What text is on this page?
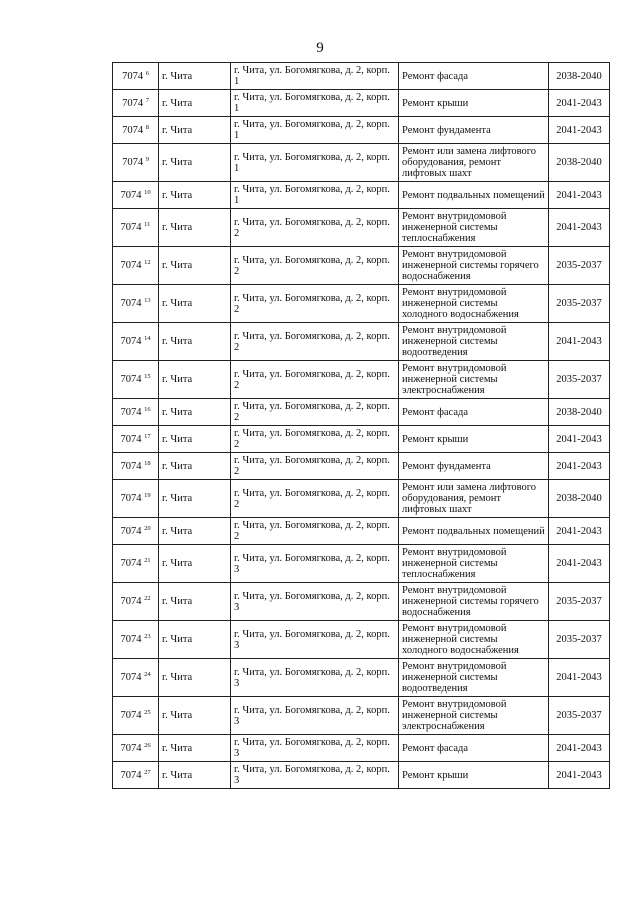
9
7074 $^6$	г. Чита	г. Чита, ул. Богомягкова, д. 2, корп. 1	Ремонт фасада	2038-2040
7074 $^7$	г. Чита	г. Чита, ул. Богомягкова, д. 2, корп. 1	Ремонт крыши	2041-2043
7074 $^8$	г. Чита	г. Чита, ул. Богомягкова, д. 2, корп. 1	Ремонт фундамента	2041-2043
7074 $^9$	г. Чита	г. Чита, ул. Богомягкова, д. 2, корп. 1	Ремонт или замена лифтового оборудования, ремонт лифтовых шахт	2038-2040
7074 $^{10}$	г. Чита	г. Чита, ул. Богомягкова, д. 2, корп. 1	Ремонт подвальных помещений	2041-2043
7074 $^{11}$	г. Чита	г. Чита, ул. Богомягкова, д. 2, корп. 2	Ремонт внутридомовой инженерной системы теплоснабжения	2041-2043
7074 $^{12}$	г. Чита	г. Чита, ул. Богомягкова, д. 2, корп. 2	Ремонт внутридомовой инженерной системы горячего водоснабжения	2035-2037
7074 $^{13}$	г. Чита	г. Чита, ул. Богомягкова, д. 2, корп. 2	Ремонт внутридомовой инженерной системы холодного водоснабжения	2035-2037
7074 $^{14}$	г. Чита	г. Чита, ул. Богомягкова, д. 2, корп. 2	Ремонт внутридомовой инженерной системы водоотведения	2041-2043
7074 $^{15}$	г. Чита	г. Чита, ул. Богомягкова, д. 2, корп. 2	Ремонт внутридомовой инженерной системы электроснабжения	2035-2037
7074 $^{16}$	г. Чита	г. Чита, ул. Богомягкова, д. 2, корп. 2	Ремонт фасада	2038-2040
7074 $^{17}$	г. Чита	г. Чита, ул. Богомягкова, д. 2, корп. 2	Ремонт крыши	2041-2043
7074 $^{18}$	г. Чита	г. Чита, ул. Богомягкова, д. 2, корп. 2	Ремонт фундамента	2041-2043
7074 $^{19}$	г. Чита	г. Чита, ул. Богомягкова, д. 2, корп. 2	Ремонт или замена лифтового оборудования, ремонт лифтовых шахт	2038-2040
7074 $^{20}$	г. Чита	г. Чита, ул. Богомягкова, д. 2, корп. 2	Ремонт подвальных помещений	2041-2043
7074 $^{21}$	г. Чита	г. Чита, ул. Богомягкова, д. 2, корп. 3	Ремонт внутридомовой инженерной системы теплоснабжения	2041-2043
7074 $^{22}$	г. Чита	г. Чита, ул. Богомягкова, д. 2, корп. 3	Ремонт внутридомовой инженерной системы горячего водоснабжения	2035-2037
7074 $^{23}$	г. Чита	г. Чита, ул. Богомягкова, д. 2, корп. 3	Ремонт внутридомовой инженерной системы холодного водоснабжения	2035-2037
7074 $^{24}$	г. Чита	г. Чита, ул. Богомягкова, д. 2, корп. 3	Ремонт внутридомовой инженерной системы водоотведения	2041-2043
7074 $^{25}$	г. Чита	г. Чита, ул. Богомягкова, д. 2, корп. 3	Ремонт внутридомовой инженерной системы электроснабжения	2035-2037
7074 $^{26}$	г. Чита	г. Чита, ул. Богомягкова, д. 2, корп. 3	Ремонт фасада	2041-2043
7074 $^{27}$	г. Чита	г. Чита, ул. Богомягкова, д. 2, корп. 3	Ремонт крыши	2041-2043
